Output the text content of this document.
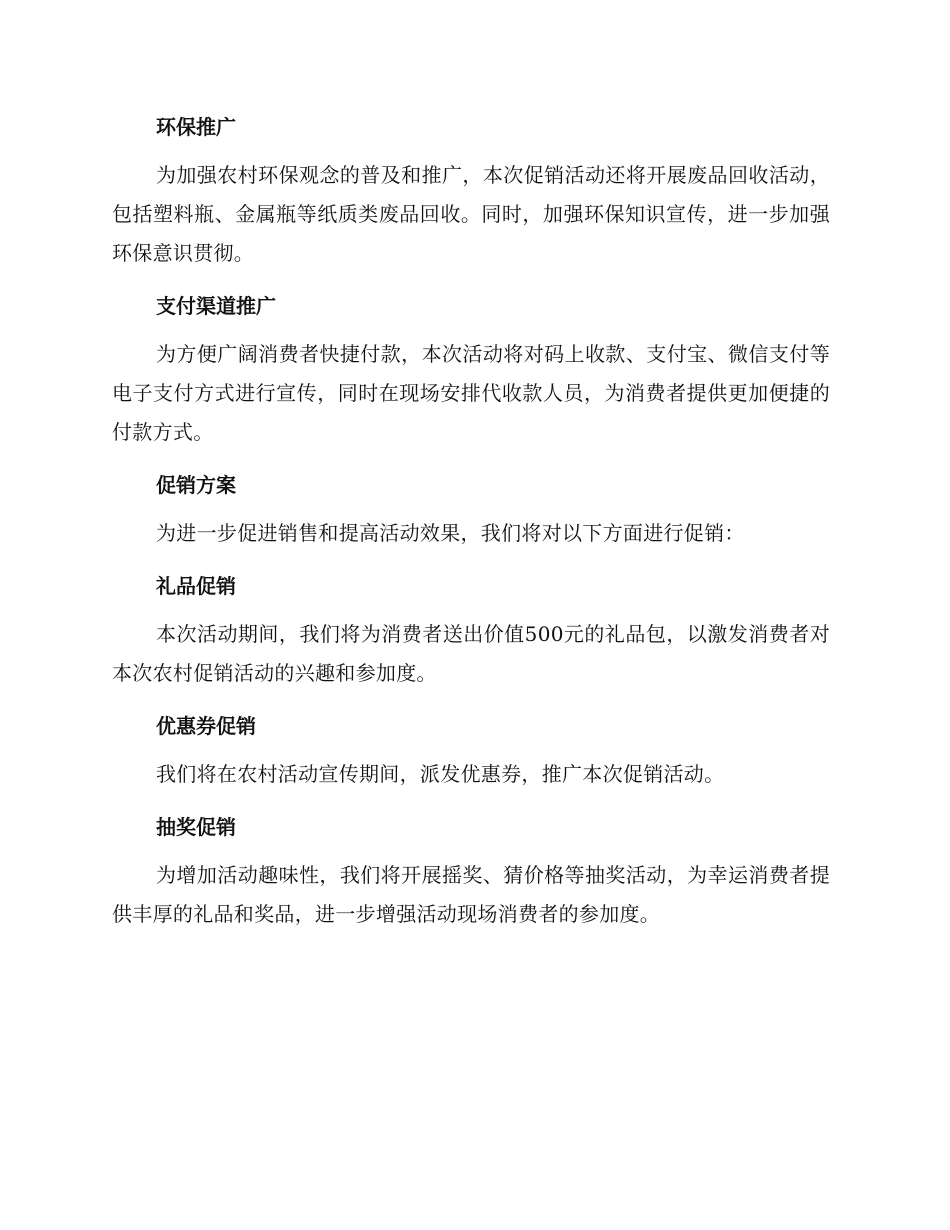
环保推广

为加强农村环保观念的普及和推广，本次促销活动还将开展废品回收活动，包括塑料瓶、金属瓶等纸质类废品回收。同时，加强环保知识宣传，进一步加强环保意识贯彻。

支付渠道推广

为方便广阔消费者快捷付款，本次活动将对码上收款、支付宝、微信支付等电子支付方式进行宣传，同时在现场安排代收款人员，为消费者提供更加便捷的付款方式。

促销方案

为进一步促进销售和提高活动效果，我们将对以下方面进行促销：

礼品促销

本次活动期间，我们将为消费者送出价值500元的礼品包，以激发消费者对本次农村促销活动的兴趣和参加度。

优惠券促销

我们将在农村活动宣传期间，派发优惠券，推广本次促销活动。

抽奖促销

为增加活动趣味性，我们将开展摇奖、猜价格等抽奖活动，为幸运消费者提供丰厚的礼品和奖品，进一步增强活动现场消费者的参加度。
